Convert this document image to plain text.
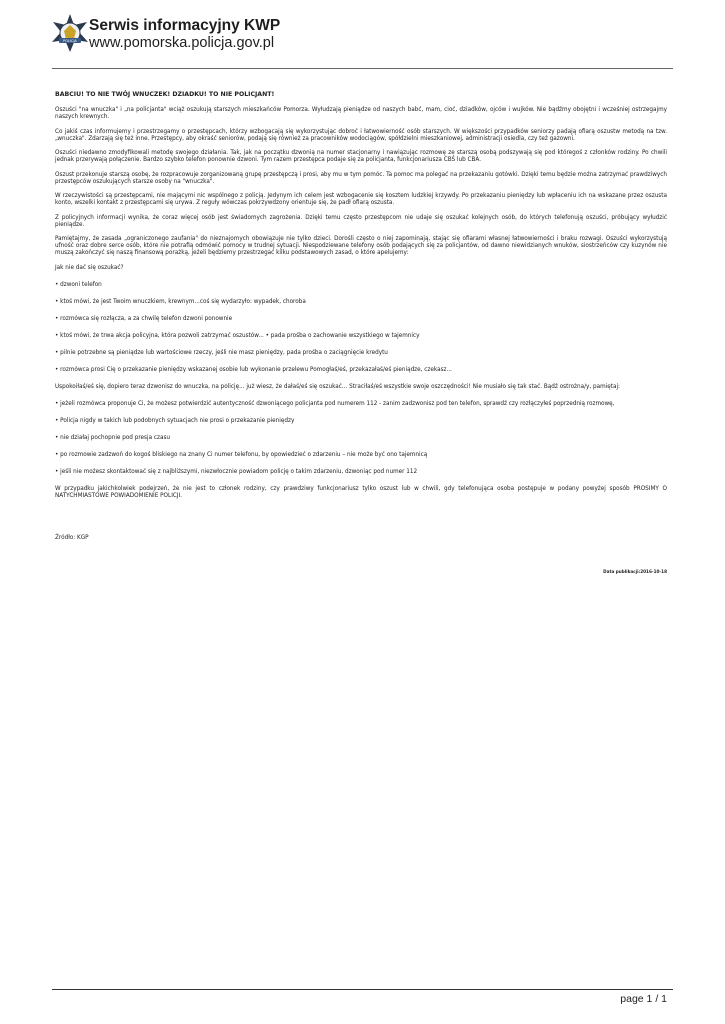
POLICJA
Serwis informacyjny KWP
www.pomorska.policja.gov.pl
BABCIU! TO NIE TWÓJ WNUCZEK! DZIADKU! TO NIE POLICJANT!

Oszuści "na wnuczka" i „na policjanta" wciąż oszukują starszych mieszkańców Pomorza. Wyłudzają pieniądze od naszych babć, mam, cioć, dziadków, ojców i wujków. Nie bądźmy obojętni i wcześniej ostrzegajmy naszych krewnych.

Co jakiś czas informujemy i przestrzegamy o przestępcach, którzy wzbogacają się wykorzystując dobroć i łatwowierność osób starszych. W większości przypadków seniorzy padają ofiarą oszustw metodą na tzw. „wnuczka". Zdarzają się też inne. Przestępcy, aby okraść seniorów, podają się również za pracowników wodociągów, spółdzielni mieszkaniowej, administracji osiedla, czy też gazowni.

Oszuści niedawno zmodyfikowali metodę swojego działania. Tak, jak na początku dzwonią na numer stacjonarny i nawiązując rozmowę ze starszą osobą podszywają się pod któregoś z członków rodziny. Po chwili jednak przerywają połączenie. Bardzo szybko telefon ponownie dzwoni. Tym razem przestępca podaje się za policjanta, funkcjonariusza CBŚ lub CBA.

Oszust przekonuje starszą osobę, że rozpracowuje zorganizowaną grupę przestępczą i prosi, aby mu w tym pomóc. Ta pomoc ma polegać na przekazaniu gotówki. Dzięki temu będzie można zatrzymać prawdziwych przestępców oszukujących starsze osoby na "wnuczka".

W rzeczywistości są przestępcami, nie mającymi nic wspólnego z policją. Jedynym ich celem jest wzbogacenie się kosztem ludzkiej krzywdy. Po przekazaniu pieniędzy lub wpłaceniu ich na wskazane przez oszusta konto, wszelki kontakt z przestępcami się urywa. Z reguły wówczas pokrzywdzony orientuje się, że padł ofiarą oszusta.

Z policyjnych informacji wynika, że coraz więcej osób jest świadomych zagrożenia. Dzięki temu często przestępcom nie udaje się oszukać kolejnych osób, do których telefonują oszuści, próbujący wyłudzić pieniądze.

Pamiętajmy, że zasada „ograniczonego zaufania" do nieznajomych obowiązuje nie tylko dzieci. Dorośli często o niej zapominają, stając się ofiarami własnej łatwowierności i braku rozwagi. Oszuści wykorzystują ufność oraz dobre serce osób, które nie potrafią odmówić pomocy w trudnej sytuacji. Niespodziewane telefony osób podających się za policjantów, od dawno niewidzianych wnuków, siostrzeńców czy kuzynów nie muszą zakończyć się naszą finansową porażką, jeżeli będziemy przestrzegać kilku podstawowych zasad, o które apelujemy:

Jak nie dać się oszukać?

• dzwoni telefon

• ktoś mówi, że jest Twoim wnuczkiem, krewnym...coś się wydarzyło: wypadek, choroba

• rozmówca się rozłącza, a za chwilę telefon dzwoni ponownie

• ktoś mówi, że trwa akcja policyjna, która pozwoli zatrzymać oszustów... • pada prośba o zachowanie wszystkiego w tajemnicy

• pilnie potrzebne są pieniądze lub wartościowe rzeczy, jeśli nie masz pieniędzy, pada prośba o zaciągnięcie kredytu

• rozmówca prosi Cię o przekazanie pieniędzy wskazanej osobie lub wykonanie przelewu Pomogłaś/eś, przekazałaś/eś pieniądze, czekasz...

Uspokoiłaś/eś się, dopiero teraz dzwonisz do wnuczka, na policję... już wiesz, że dałaś/eś się oszukać... Straciłaś/eś wszystkie swoje oszczędności! Nie musiało się tak stać. Bądź ostrożna/y, pamiętaj:

• jeżeli rozmówca proponuje Ci, że możesz potwierdzić autentyczność dzwoniącego policjanta pod numerem 112 - zanim zadzwonisz pod ten telefon, sprawdź czy rozłączyłeś poprzednią rozmowę,

• Policja nigdy w takich lub podobnych sytuacjach nie prosi o przekazanie pieniędzy

• nie działaj pochopnie pod presja czasu

• po rozmowie zadzwoń do kogoś bliskiego na znany Ci numer telefonu, by opowiedzieć o zdarzeniu – nie może być ono tajemnicą

• jeśli nie możesz skontaktować się z najbliższymi, niezwłocznie powiadom policję o takim zdarzeniu, dzwoniąc pod numer 112

W przypadku jakichkolwiek podejrzeń, że nie jest to członek rodziny, czy prawdziwy funkcjonariusz tylko oszust lub w chwili, gdy telefonująca osoba postępuje w podany powyżej sposób PROSIMY O NATYCHMIASTOWE POWIADOMIENIE POLICJI.

Źródło: KGP
Data publikacji:2016-10-18
page 1 / 1
